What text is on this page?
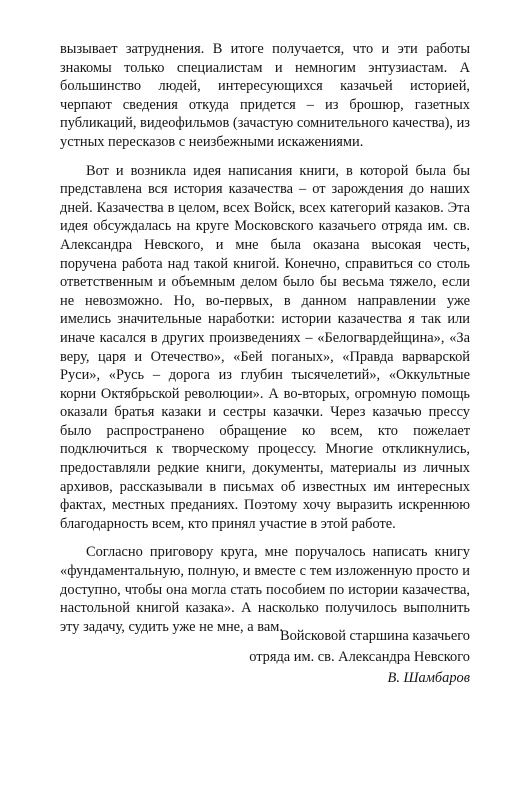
вызывает затруднения. В итоге получается, что и эти работы знакомы только специалистам и немногим энтузиастам. А большинство людей, интересующихся казачьей историей, черпают сведения откуда придется – из брошюр, газетных публикаций, видеофильмов (зачастую сомнительного качества), из устных пересказов с неизбежными искажениями.

Вот и возникла идея написания книги, в которой была бы представлена вся история казачества – от зарождения до наших дней. Казачества в целом, всех Войск, всех категорий казаков. Эта идея обсуждалась на круге Московского казачьего отряда им. св. Александра Невского, и мне была оказана высокая честь, поручена работа над такой книгой. Конечно, справиться со столь ответственным и объемным делом было бы весьма тяжело, если не невозможно. Но, во-первых, в данном направлении уже имелись значительные наработки: истории казачества я так или иначе касался в других произведениях – «Белогвардейщина», «За веру, царя и Отечество», «Бей поганых», «Правда варварской Руси», «Русь – дорога из глубин тысячелетий», «Оккультные корни Октябрьской революции». А во-вторых, огромную помощь оказали братья казаки и сестры казачки. Через казачью прессу было распространено обращение ко всем, кто пожелает подключиться к творческому процессу. Многие откликнулись, предоставляли редкие книги, документы, материалы из личных архивов, рассказывали в письмах об известных им интересных фактах, местных преданиях. Поэтому хочу выразить искреннюю благодарность всем, кто принял участие в этой работе.

Согласно приговору круга, мне поручалось написать книгу «фундаментальную, полную, и вместе с тем изложенную просто и доступно, чтобы она могла стать пособием по истории казачества, настольной книгой казака». А насколько получилось выполнить эту задачу, судить уже не мне, а вам.

Войсковой старшина казачьего
отряда им. св. Александра Невского
В. Шамбаров
